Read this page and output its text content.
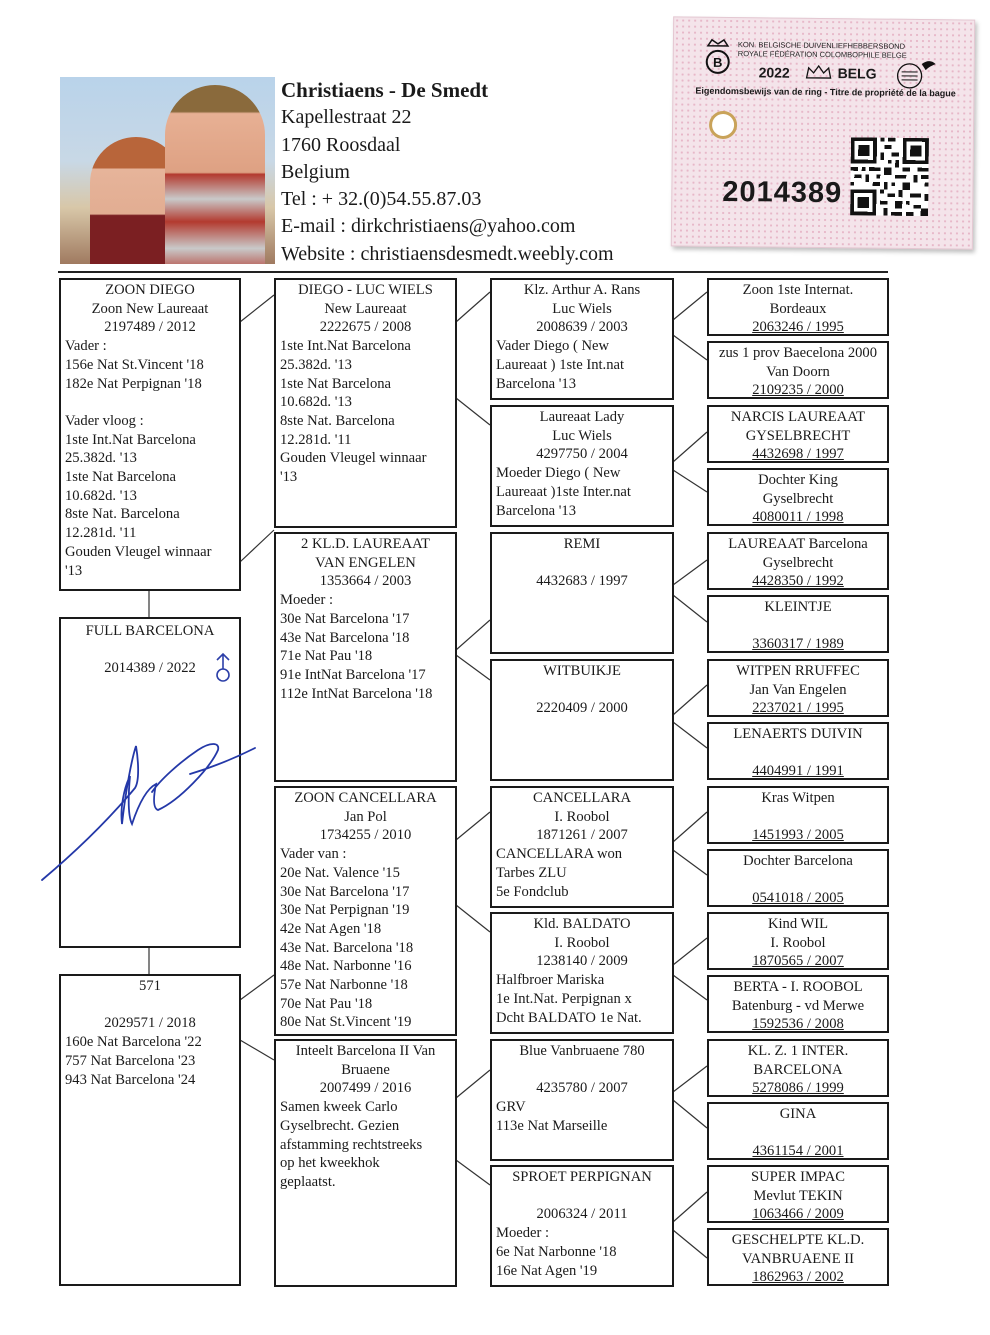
Christiaens - De Smedt
Kapellestraat 22
1760 Roosdaal
Belgium
Tel : + 32.(0)54.55.87.03
E-mail : dirkchristiaens@yahoo.com
Website : christiaensdesmedt.weebly.com
B
KON. BELGISCHE DUIVENLIEFHEBBERSBOND
ROYALE FÉDÉRATION COLOMBOPHILE BELGE
2022	BELG
Eigendomsbewijs van de ring - Titre de propriété de la bague
2014389
ZOON DIEGO
Zoon New Laureaat
2197489 / 2012
Vader :
156e Nat St.Vincent '18
182e Nat Perpignan '18
Vader vloog :
1ste Int.Nat Barcelona
25.382d. '13
1ste Nat Barcelona
10.682d. '13
8ste Nat. Barcelona
12.281d. '11
Gouden Vleugel winnaar
'13
FULL BARCELONA
2014389 / 2022
571
2029571 / 2018
160e Nat Barcelona '22
757 Nat Barcelona '23
943 Nat Barcelona '24
DIEGO - LUC WIELS
New Laureaat
2222675 / 2008
1ste Int.Nat Barcelona
25.382d. '13
1ste Nat Barcelona
10.682d. '13
8ste Nat. Barcelona
12.281d. '11
Gouden Vleugel winnaar
'13
2 KL.D. LAUREAAT
VAN ENGELEN
1353664 / 2003
Moeder :
30e Nat Barcelona '17
43e Nat Barcelona '18
71e Nat Pau '18
91e IntNat Barcelona '17
112e IntNat Barcelona '18
ZOON CANCELLARA
Jan Pol
1734255 / 2010
Vader van :
20e Nat. Valence '15
30e Nat Barcelona '17
30e Nat Perpignan '19
42e Nat Agen '18
43e Nat. Barcelona '18
48e Nat. Narbonne '16
57e Nat Narbonne '18
70e Nat Pau '18
80e Nat St.Vincent '19
Inteelt Barcelona II Van
Bruaene
2007499 / 2016
Samen kweek Carlo
Gyselbrecht. Gezien
afstamming rechtstreeks
op het kweekhok
geplaatst.
Klz. Arthur A. Rans
Luc Wiels
2008639 / 2003
Vader Diego ( New
Laureaat ) 1ste Int.nat
Barcelona '13
Laureaat Lady
Luc Wiels
4297750 / 2004
Moeder Diego ( New
Laureaat )1ste Inter.nat
Barcelona '13
REMI
4432683 / 1997
WITBUIKJE
2220409 / 2000
CANCELLARA
I. Roobol
1871261 / 2007
CANCELLARA won
Tarbes ZLU
5e Fondclub
Kld. BALDATO
I. Roobol
1238140 / 2009
Halfbroer Mariska
1e Int.Nat. Perpignan x
Dcht BALDATO 1e Nat.
Blue Vanbruaene 780
4235780 / 2007
GRV
113e Nat Marseille
SPROET PERPIGNAN
2006324 / 2011
Moeder :
6e Nat Narbonne '18
16e Nat Agen '19
Zoon 1ste Internat.
Bordeaux
2063246 / 1995
zus 1 prov Baecelona 2000
Van Doorn
2109235 / 2000
NARCIS LAUREAAT
GYSELBRECHT
4432698 / 1997
Dochter King
Gyselbrecht
4080011 / 1998
LAUREAAT Barcelona
Gyselbrecht
4428350 / 1992
KLEINTJE
3360317 / 1989
WITPEN RRUFFEC
Jan Van Engelen
2237021 / 1995
LENAERTS DUIVIN
4404991 / 1991
Kras Witpen
1451993 / 2005
Dochter Barcelona
0541018 / 2005
Kind WIL
I. Roobol
1870565 / 2007
BERTA - I. ROOBOL
Batenburg - vd Merwe
1592536 / 2008
KL. Z. 1 INTER.
BARCELONA
5278086 / 1999
GINA
4361154 / 2001
SUPER IMPAC
Mevlut TEKIN
1063466 / 2009
GESCHELPTE KL.D.
VANBRUAENE II
1862963 / 2002
